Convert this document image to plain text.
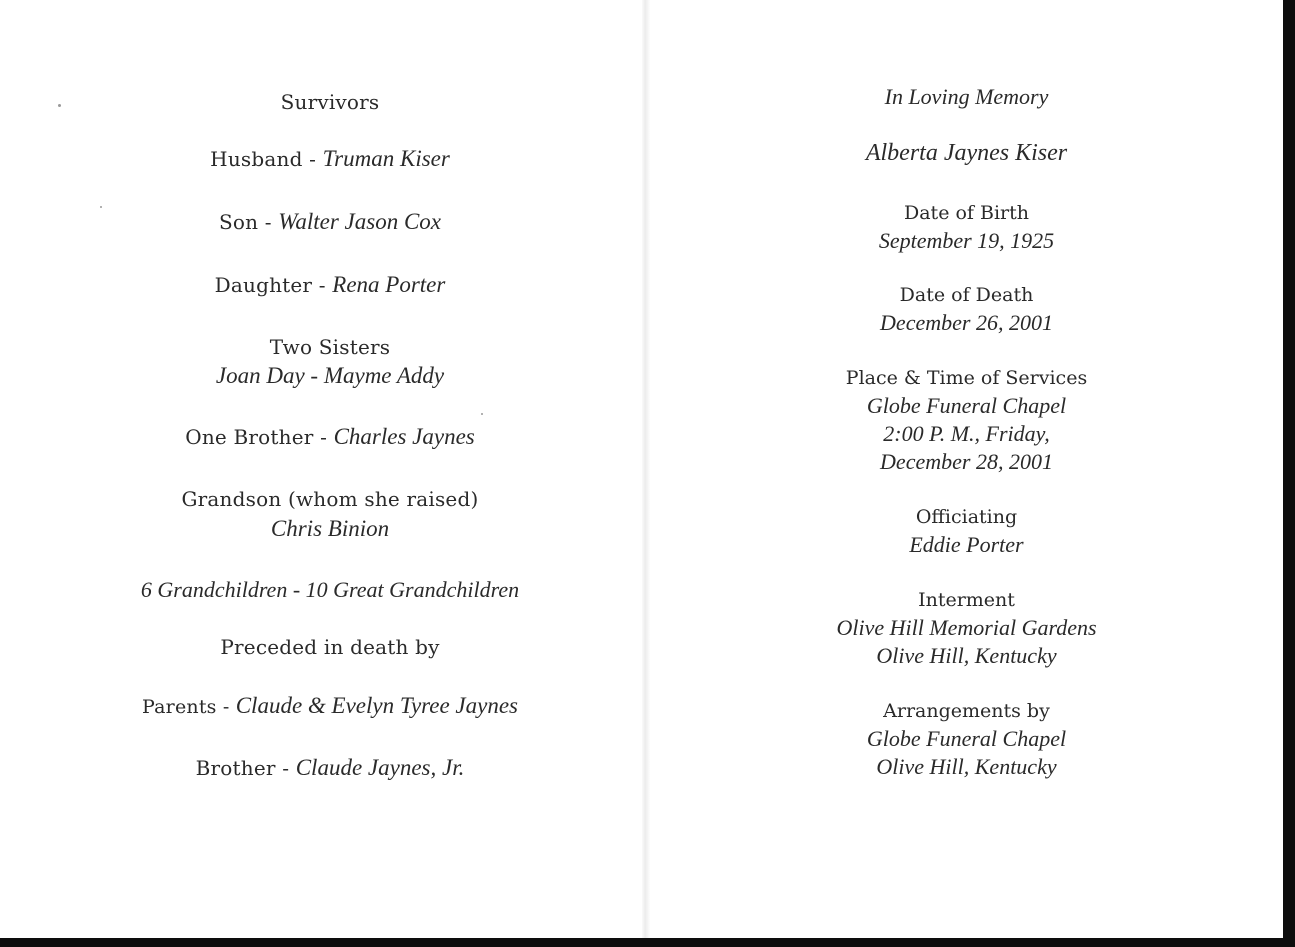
Survivors
Husband - Truman Kiser
Son - Walter Jason Cox
Daughter - Rena Porter
Two Sisters
Joan Day - Mayme Addy
One Brother - Charles Jaynes
Grandson (whom she raised)
Chris Binion
6 Grandchildren - 10 Great Grandchildren
Preceded in death by
Parents - Claude & Evelyn Tyree Jaynes
Brother - Claude Jaynes, Jr.
In Loving Memory
Alberta Jaynes Kiser
Date of Birth
September 19, 1925
Date of Death
December 26, 2001
Place & Time of Services
Globe Funeral Chapel
2:00 P. M., Friday,
December 28, 2001
Officiating
Eddie Porter
Interment
Olive Hill Memorial Gardens
Olive Hill, Kentucky
Arrangements by
Globe Funeral Chapel
Olive Hill, Kentucky
